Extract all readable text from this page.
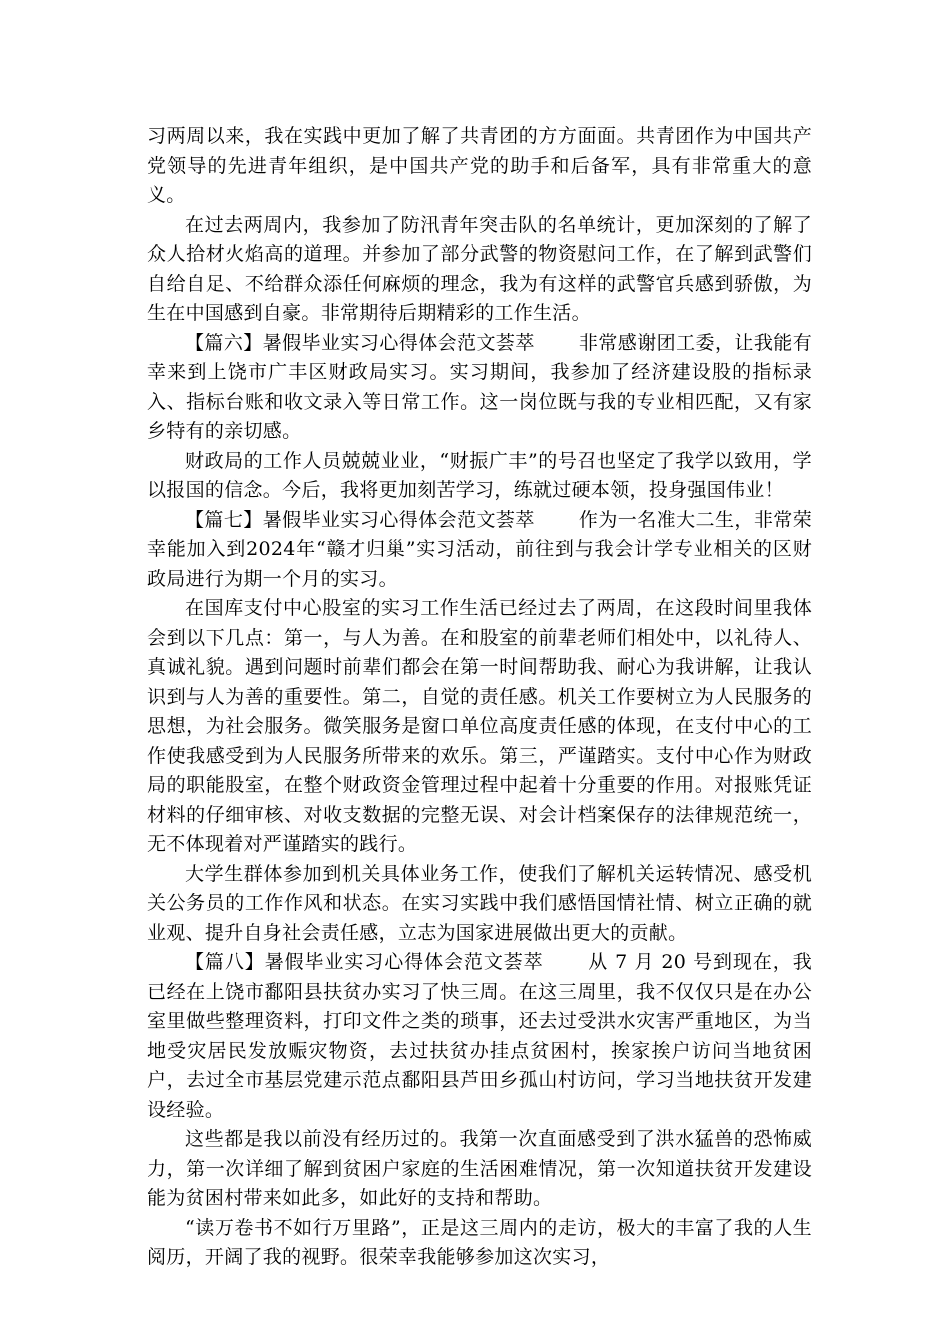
习两周以来，我在实践中更加了解了共青团的方方面面。共青团作为中国共产党领导的先进青年组织，是中国共产党的助手和后备军，具有非常重大的意义。

在过去两周内，我参加了防汛青年突击队的名单统计，更加深刻的了解了众人拾材火焰高的道理。并参加了部分武警的物资慰问工作，在了解到武警们自给自足、不给群众添任何麻烦的理念，我为有这样的武警官兵感到骄傲，为生在中国感到自豪。非常期待后期精彩的工作生活。

【篇六】暑假毕业实习心得体会范文荟萃 非常感谢团工委，让我能有幸来到上饶市广丰区财政局实习。实习期间，我参加了经济建设股的指标录入、指标台账和收文录入等日常工作。这一岗位既与我的专业相匹配，又有家乡特有的亲切感。

财政局的工作人员兢兢业业，“财振广丰”的号召也坚定了我学以致用，学以报国的信念。今后，我将更加刻苦学习，练就过硬本领，投身强国伟业！

【篇七】暑假毕业实习心得体会范文荟萃 作为一名准大二生，非常荣幸能加入到2024年“赣才归巢”实习活动，前往到与我会计学专业相关的区财政局进行为期一个月的实习。

在国库支付中心股室的实习工作生活已经过去了两周，在这段时间里我体会到以下几点：第一，与人为善。在和股室的前辈老师们相处中，以礼待人、真诚礼貌。遇到问题时前辈们都会在第一时间帮助我、耐心为我讲解，让我认识到与人为善的重要性。第二，自觉的责任感。机关工作要树立为人民服务的思想，为社会服务。微笑服务是窗口单位高度责任感的体现，在支付中心的工作使我感受到为人民服务所带来的欢乐。第三，严谨踏实。支付中心作为财政局的职能股室，在整个财政资金管理过程中起着十分重要的作用。对报账凭证材料的仔细审核、对收支数据的完整无误、对会计档案保存的法律规范统一，无不体现着对严谨踏实的践行。

大学生群体参加到机关具体业务工作，使我们了解机关运转情况、感受机关公务员的工作作风和状态。在实习实践中我们感悟国情社情、树立正确的就业观、提升自身社会责任感，立志为国家进展做出更大的贡献。

【篇八】暑假毕业实习心得体会范文荟萃 从 7 月 20 号到现在，我已经在上饶市鄱阳县扶贫办实习了快三周。在这三周里，我不仅仅只是在办公室里做些整理资料，打印文件之类的琐事，还去过受洪水灾害严重地区，为当地受灾居民发放赈灾物资，去过扶贫办挂点贫困村，挨家挨户访问当地贫困户，去过全市基层党建示范点鄱阳县芦田乡孤山村访问，学习当地扶贫开发建设经验。

这些都是我以前没有经历过的。我第一次直面感受到了洪水猛兽的恐怖威力，第一次详细了解到贫困户家庭的生活困难情况，第一次知道扶贫开发建设能为贫困村带来如此多，如此好的支持和帮助。

“读万卷书不如行万里路”，正是这三周内的走访，极大的丰富了我的人生阅历，开阔了我的视野。很荣幸我能够参加这次实习，
